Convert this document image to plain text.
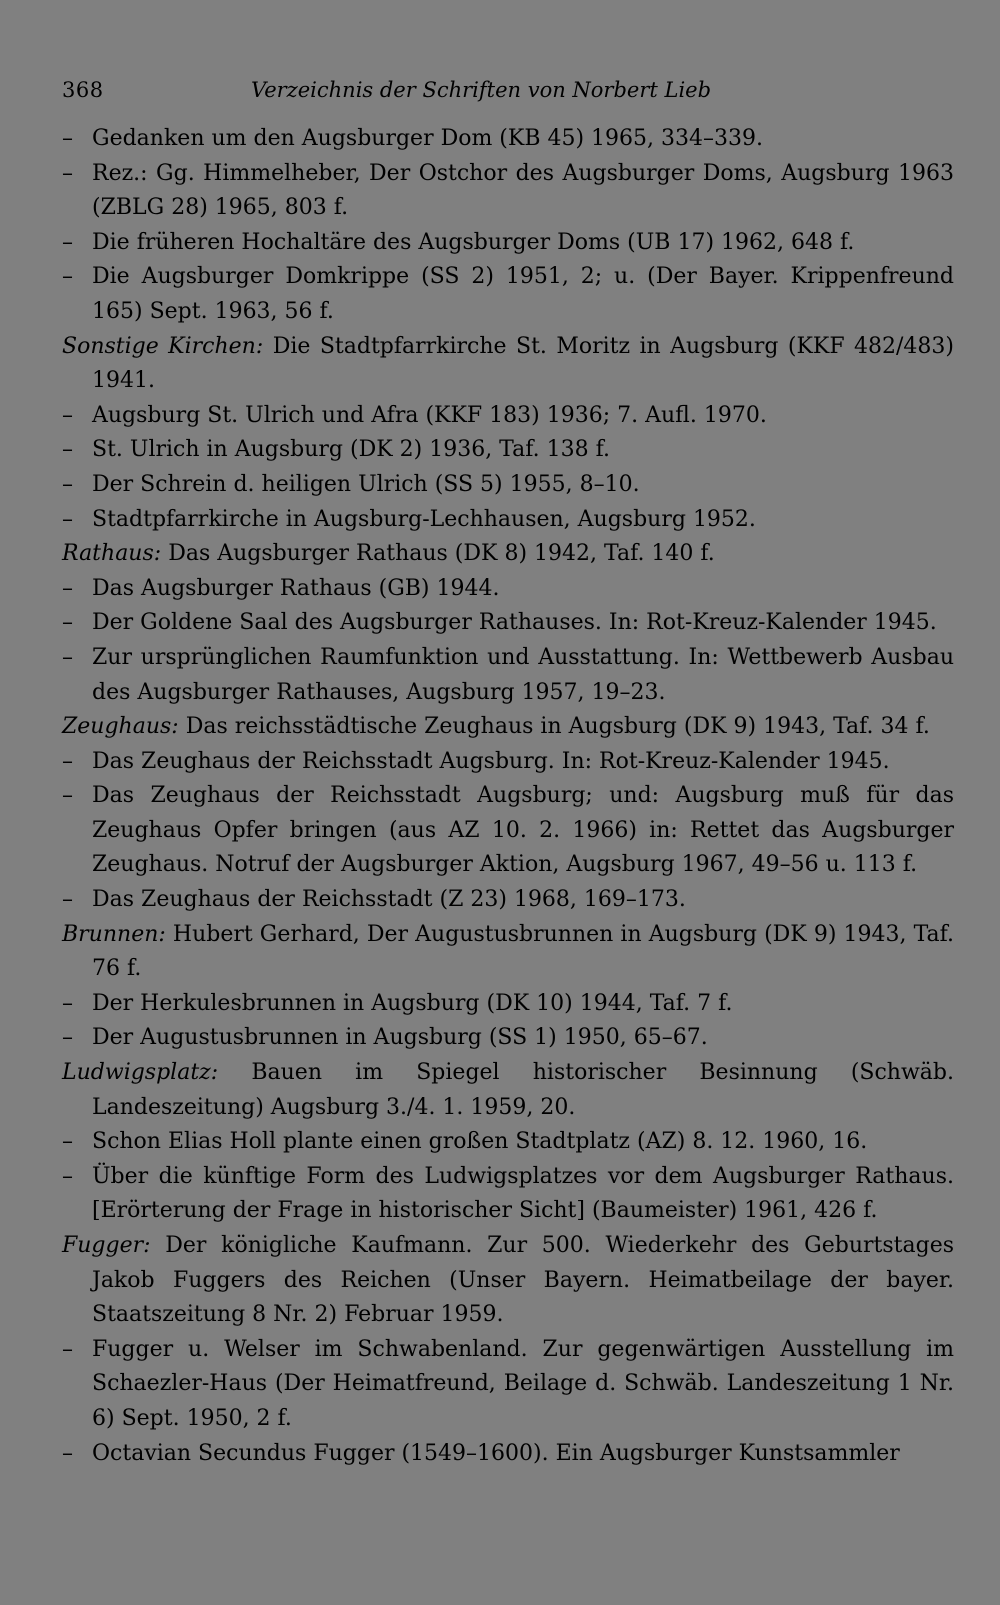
368	Verzeichnis der Schriften von Norbert Lieb
– Gedanken um den Augsburger Dom (KB 45) 1965, 334–339.
– Rez.: Gg. Himmelheber, Der Ostchor des Augsburger Doms, Augsburg 1963 (ZBLG 28) 1965, 803 f.
– Die früheren Hochaltäre des Augsburger Doms (UB 17) 1962, 648 f.
– Die Augsburger Domkrippe (SS 2) 1951, 2; u. (Der Bayer. Krippenfreund 165) Sept. 1963, 56 f.
Sonstige Kirchen: Die Stadtpfarrkirche St. Moritz in Augsburg (KKF 482/483) 1941.
– Augsburg St. Ulrich und Afra (KKF 183) 1936; 7. Aufl. 1970.
– St. Ulrich in Augsburg (DK 2) 1936, Taf. 138 f.
– Der Schrein d. heiligen Ulrich (SS 5) 1955, 8–10.
– Stadtpfarrkirche in Augsburg-Lechhausen, Augsburg 1952.
Rathaus: Das Augsburger Rathaus (DK 8) 1942, Taf. 140 f.
– Das Augsburger Rathaus (GB) 1944.
– Der Goldene Saal des Augsburger Rathauses. In: Rot-Kreuz-Kalender 1945.
– Zur ursprünglichen Raumfunktion und Ausstattung. In: Wettbewerb Ausbau des Augsburger Rathauses, Augsburg 1957, 19–23.
Zeughaus: Das reichsstädtische Zeughaus in Augsburg (DK 9) 1943, Taf. 34 f.
– Das Zeughaus der Reichsstadt Augsburg. In: Rot-Kreuz-Kalender 1945.
– Das Zeughaus der Reichsstadt Augsburg; und: Augsburg muß für das Zeughaus Opfer bringen (aus AZ 10. 2. 1966) in: Rettet das Augsburger Zeughaus. Notruf der Augsburger Aktion, Augsburg 1967, 49–56 u. 113 f.
– Das Zeughaus der Reichsstadt (Z 23) 1968, 169–173.
Brunnen: Hubert Gerhard, Der Augustusbrunnen in Augsburg (DK 9) 1943, Taf. 76 f.
– Der Herkulesbrunnen in Augsburg (DK 10) 1944, Taf. 7 f.
– Der Augustusbrunnen in Augsburg (SS 1) 1950, 65–67.
Ludwigsplatz: Bauen im Spiegel historischer Besinnung (Schwäb. Landeszeitung) Augsburg 3./4. 1. 1959, 20.
– Schon Elias Holl plante einen großen Stadtplatz (AZ) 8. 12. 1960, 16.
– Über die künftige Form des Ludwigsplatzes vor dem Augsburger Rathaus. [Erörterung der Frage in historischer Sicht] (Baumeister) 1961, 426 f.
Fugger: Der königliche Kaufmann. Zur 500. Wiederkehr des Geburtstages Jakob Fuggers des Reichen (Unser Bayern. Heimatbeilage der bayer. Staatszeitung 8 Nr. 2) Februar 1959.
– Fugger u. Welser im Schwabenland. Zur gegenwärtigen Ausstellung im Schaezler-Haus (Der Heimatfreund, Beilage d. Schwäb. Landeszeitung 1 Nr. 6) Sept. 1950, 2 f.
– Octavian Secundus Fugger (1549–1600). Ein Augsburger Kunstsammler
